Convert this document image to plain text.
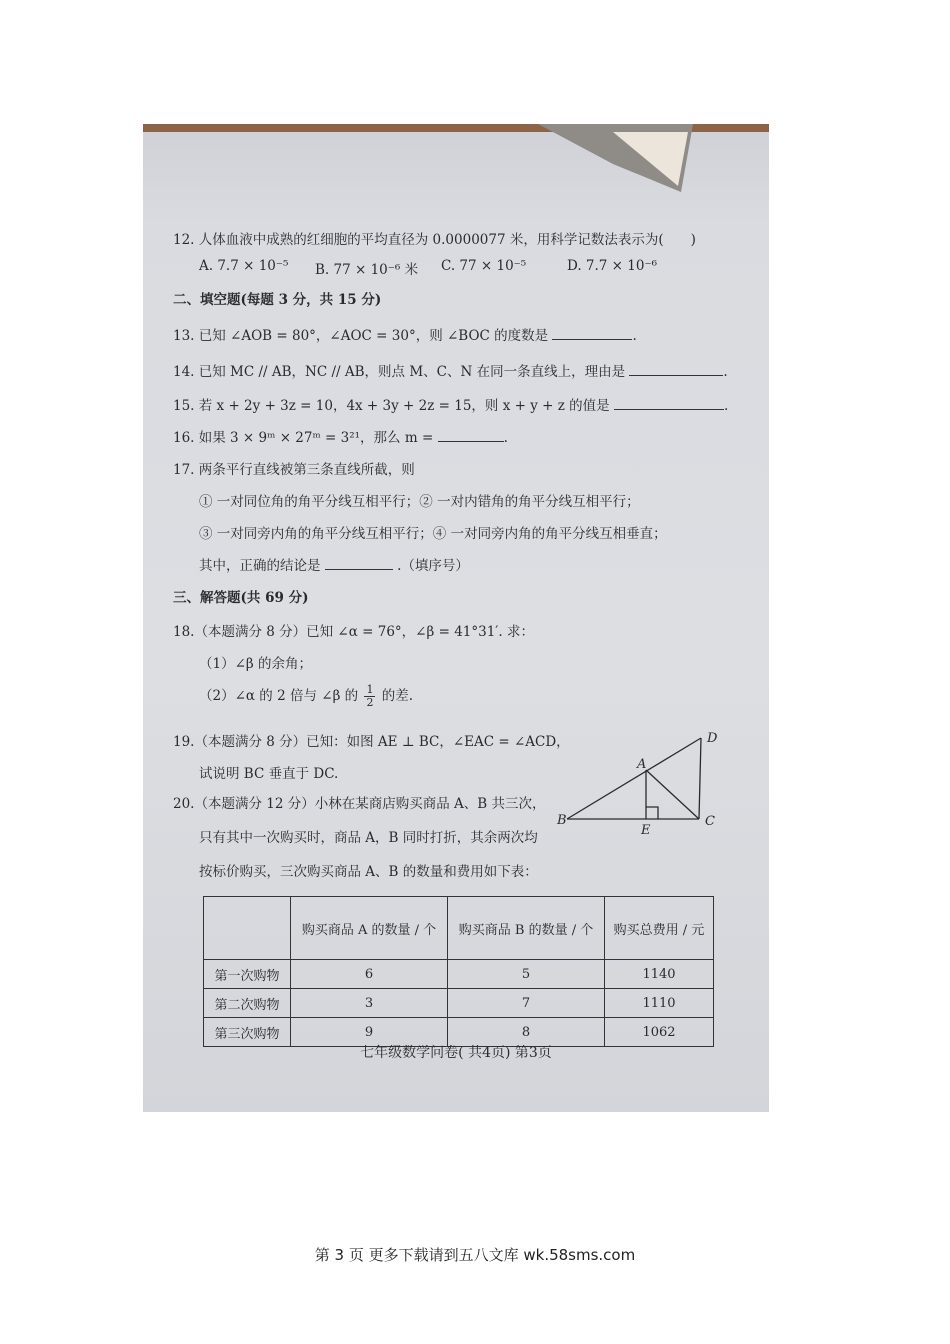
12. 人体血液中成熟的红细胞的平均直径为 0.0000077 米，用科学记数法表示为(　　)
A. 7.7 × 10⁻⁵ B. 77 × 10⁻⁶ 米 C. 77 × 10⁻⁵	D. 7.7 × 10⁻⁶
二、填空题(每题 3 分，共 15 分)
13. 已知 ∠AOB = 80°，∠AOC = 30°，则 ∠BOC 的度数是	.
14. 已知 MC // AB，NC // AB，则点 M、C、N 在同一条直线上，理由是	.
15. 若 x + 2y + 3z = 10，4x + 3y + 2z = 15，则 x + y + z 的值是	.
16. 如果 3 × 9ᵐ × 27ᵐ = 3²¹，那么 m =	.
17. 两条平行直线被第三条直线所截，则
① 一对同位角的角平分线互相平行；② 一对内错角的角平分线互相平行；
③ 一对同旁内角的角平分线互相平行；④ 一对同旁内角的角平分线互相垂直；
其中，正确的结论是	.（填序号）
三、解答题(共 69 分)
18.（本题满分 8 分）已知 ∠α = 76°，∠β = 41°31′. 求：
（1）∠β 的余角；
（2）∠α 的 2 倍与 ∠β 的 $\frac{1}{2}$ 的差.
19.（本题满分 8 分）已知：如图 AE ⊥ BC，∠EAC = ∠ACD，
试说明 BC 垂直于 DC.
B	C
D
A
E
20.（本题满分 12 分）小林在某商店购买商品 A、B 共三次，
只有其中一次购买时，商品 A，B 同时打折，其余两次均
按标价购买，三次购买商品 A、B 的数量和费用如下表：
	购买商品 A 的数量 / 个	购买商品 B 的数量 / 个	购买总费用 / 元
第一次购物	6	5	1140
第二次购物	3	7	1110
第三次购物	9	8	1062
七年级数学问卷( 共4页) 第3页
第 3 页 更多下载请到五八文库 wk.58sms.com
